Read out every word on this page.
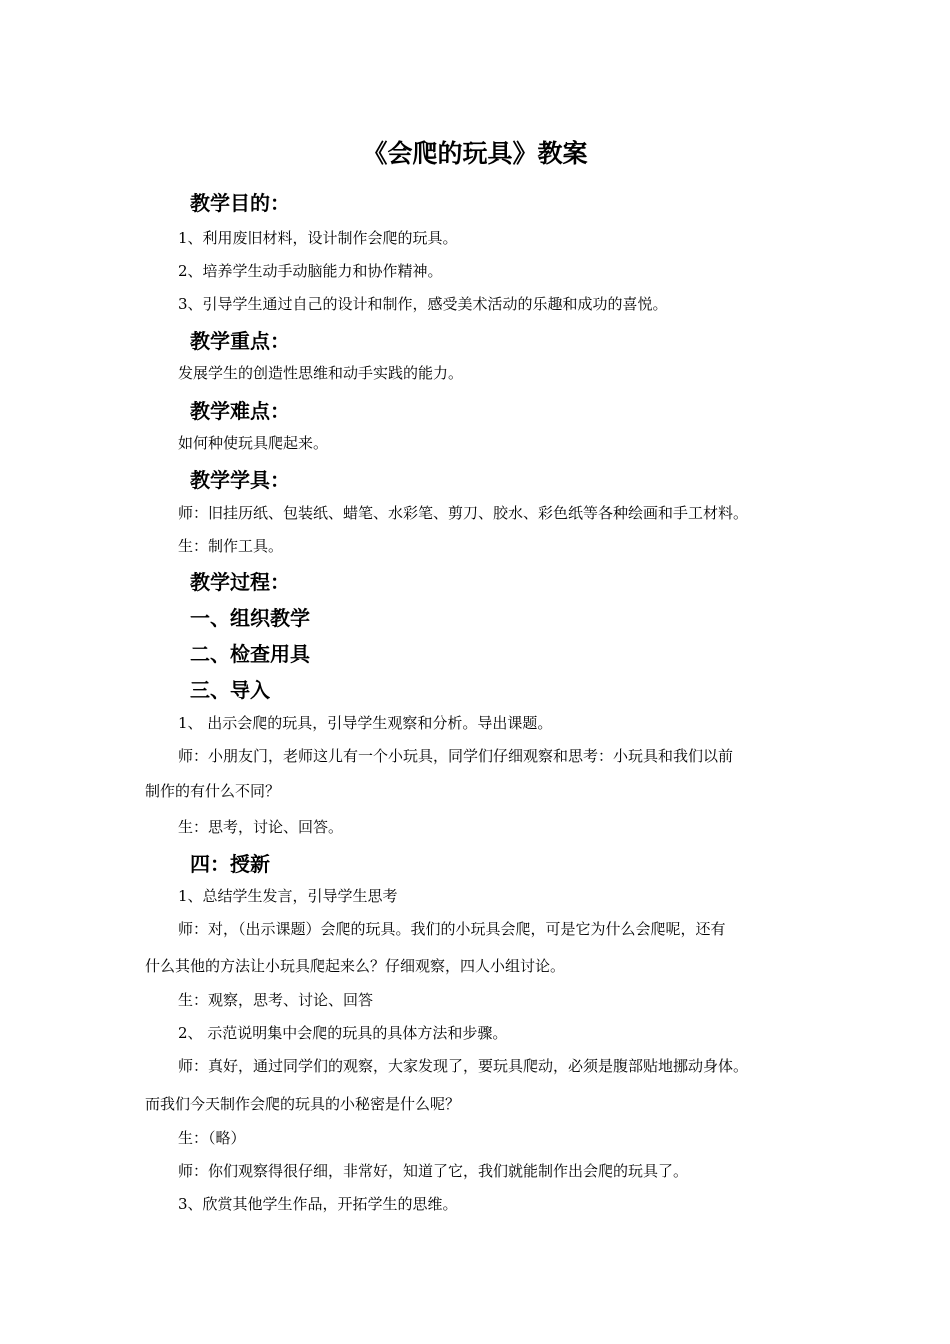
《会爬的玩具》教案
教学目的：
1、利用废旧材料，设计制作会爬的玩具。
2、培养学生动手动脑能力和协作精神。
3、引导学生通过自己的设计和制作，感受美术活动的乐趣和成功的喜悦。
教学重点：
发展学生的创造性思维和动手实践的能力。
教学难点：
如何种使玩具爬起来。
教学学具：
师：旧挂历纸、包装纸、蜡笔、水彩笔、剪刀、胶水、彩色纸等各种绘画和手工材料。
生：制作工具。
教学过程：
一、组织教学
二、检查用具
三、导入
1、 出示会爬的玩具，引导学生观察和分析。导出课题。
师：小朋友门，老师这儿有一个小玩具，同学们仔细观察和思考：小玩具和我们以前
制作的有什么不同？
生：思考，讨论、回答。
四：授新
1、总结学生发言，引导学生思考
师：对，（出示课题）会爬的玩具。我们的小玩具会爬，可是它为什么会爬呢，还有
什么其他的方法让小玩具爬起来么？仔细观察，四人小组讨论。
生：观察，思考、讨论、回答
2、 示范说明集中会爬的玩具的具体方法和步骤。
师：真好，通过同学们的观察，大家发现了，要玩具爬动，必须是腹部贴地挪动身体。
而我们今天制作会爬的玩具的小秘密是什么呢？
生：（略）
师：你们观察得很仔细，非常好，知道了它，我们就能制作出会爬的玩具了。
3、欣赏其他学生作品，开拓学生的思维。
